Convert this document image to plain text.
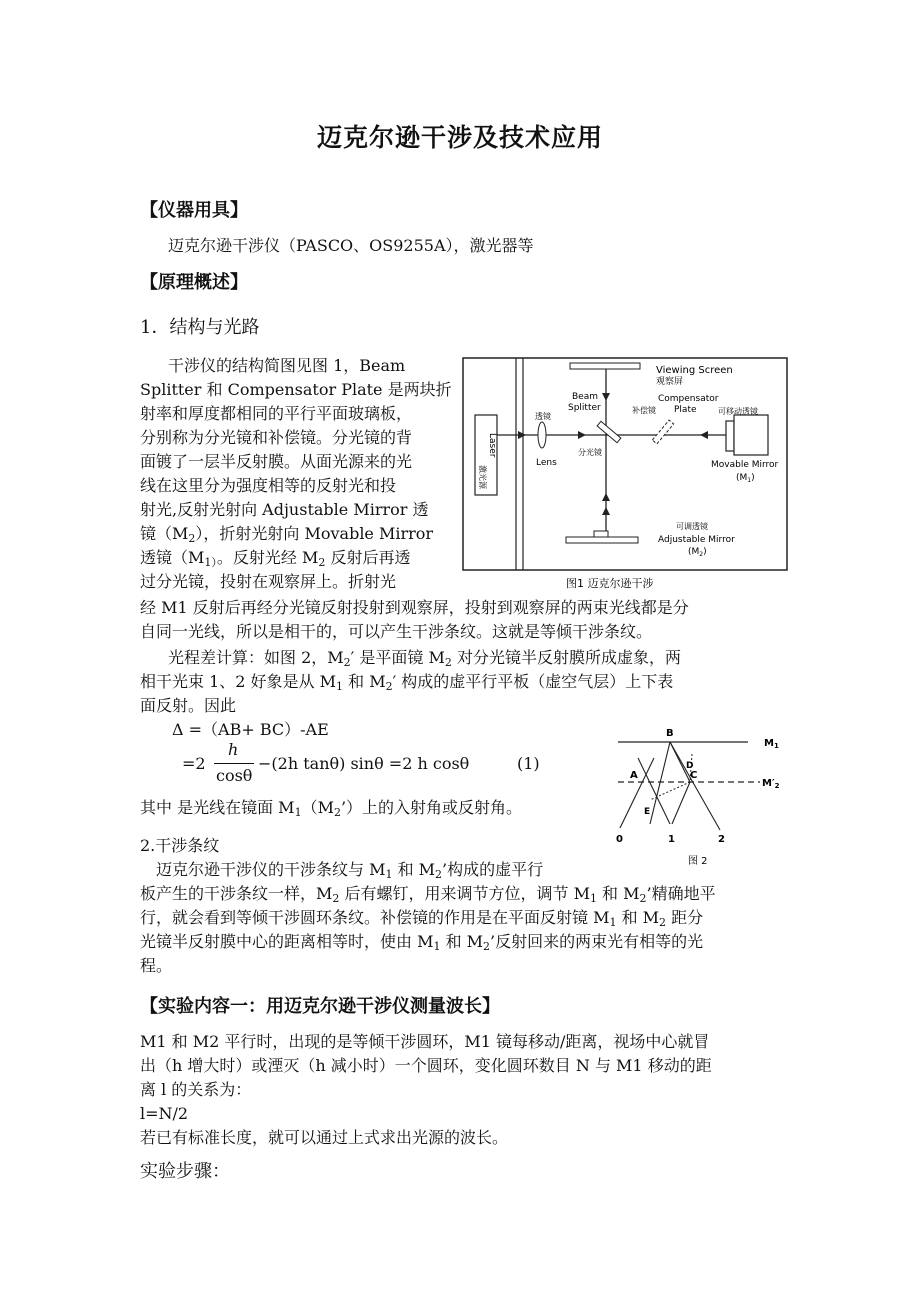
迈克尔逊干涉及技术应用
【仪器用具】
迈克尔逊干涉仪（PASCO、OS9255A），激光器等
【原理概述】
1．结构与光路
干涉仪的结构简图见图 1，Beam
Splitter 和 Compensator Plate 是两块折
射率和厚度都相同的平行平面玻璃板，
分别称为分光镜和补偿镜。分光镜的背
面镀了一层半反射膜。从面光源来的光
线在这里分为强度相等的反射光和投
射光,反射光射向 Adjustable Mirror 透
镜（M2），折射光射向 Movable Mirror
透镜（M1）。反射光经 M2 反射后再透
过分光镜，投射在观察屏上。折射光
经 M1 反射后再经分光镜反射投射到观察屏，投射到观察屏的两束光线都是分
自同一光线，所以是相干的，可以产生干涉条纹。这就是等倾干涉条纹。
Viewing Screen
观察屏
Beam
Splitter
Compensator
Plate
补偿镜	可移动透镜
透镜
Lens
分光镜
Movable Mirror
$(M_1)$
Laser
激光源
可调透镜
Adjustable Mirror
$(M_2)$
图1 迈克尔逊干涉
光程差计算：如图 2，M2′ 是平面镜 M2 对分光镜半反射膜所成虚象，两
相干光束 1、2 好象是从 M1 和 M2′ 构成的虚平行平板（虚空气层）上下表
面反射。因此
Δ =（AB+ BC）-AE
=2
h
cosθ
−(2h tanθ) sinθ =2 h cosθ	(1)
其中 是光线在镜面 M1（M2’）上的入射角或反射角。
B
$M_1$
D
A	C
$M'_2$
E
0	1	2
图 2
2.干涉条纹
迈克尔逊干涉仪的干涉条纹与 M1 和 M2’构成的虚平行
板产生的干涉条纹一样，M2 后有螺钉，用来调节方位，调节 M1 和 M2’精确地平
行，就会看到等倾干涉圆环条纹。补偿镜的作用是在平面反射镜 M1 和 M2 距分
光镜半反射膜中心的距离相等时，使由 M1 和 M2’反射回来的两束光有相等的光
程。
【实验内容一：用迈克尔逊干涉仪测量波长】
M1 和 M2 平行时，出现的是等倾干涉圆环，M1 镜每移动/距离，视场中心就冒
出（h 增大时）或湮灭（h 减小时）一个圆环，变化圆环数目 N 与 M1 移动的距
离 l 的关系为：
l=N/2
若已有标准长度，就可以通过上式求出光源的波长。
实验步骤：
